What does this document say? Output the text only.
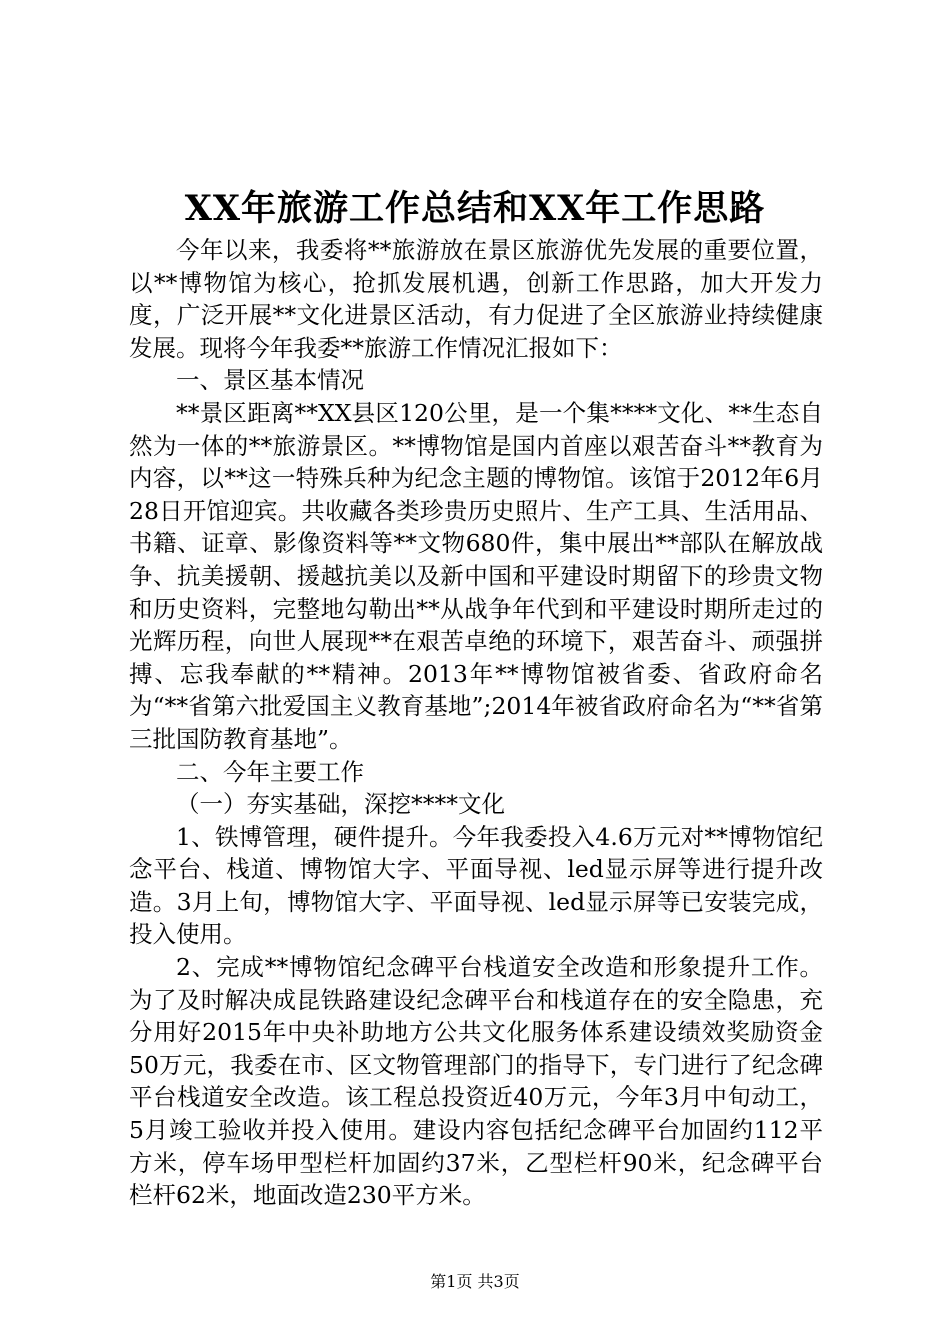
XX年旅游工作总结和XX年工作思路

今年以来，我委将**旅游放在景区旅游优先发展的重要位置，以**博物馆为核心，抢抓发展机遇，创新工作思路，加大开发力度，广泛开展**文化进景区活动，有力促进了全区旅游业持续健康发展。现将今年我委**旅游工作情况汇报如下：

一、景区基本情况

**景区距离**XX县区120公里，是一个集****文化、**生态自然为一体的**旅游景区。**博物馆是国内首座以艰苦奋斗**教育为内容，以**这一特殊兵种为纪念主题的博物馆。该馆于2012年6月28日开馆迎宾。共收藏各类珍贵历史照片、生产工具、生活用品、书籍、证章、影像资料等**文物680件，集中展出**部队在解放战争、抗美援朝、援越抗美以及新中国和平建设时期留下的珍贵文物和历史资料，完整地勾勒出**从战争年代到和平建设时期所走过的光辉历程，向世人展现**在艰苦卓绝的环境下，艰苦奋斗、顽强拼搏、忘我奉献的**精神。2013年**博物馆被省委、省政府命名为“**省第六批爱国主义教育基地”;2014年被省政府命名为“**省第三批国防教育基地”。

二、今年主要工作

（一）夯实基础，深挖****文化

1、铁博管理，硬件提升。今年我委投入4.6万元对**博物馆纪念平台、栈道、博物馆大字、平面导视、led显示屏等进行提升改造。3月上旬，博物馆大字、平面导视、led显示屏等已安装完成，投入使用。

2、完成**博物馆纪念碑平台栈道安全改造和形象提升工作。为了及时解决成昆铁路建设纪念碑平台和栈道存在的安全隐患，充分用好2015年中央补助地方公共文化服务体系建设绩效奖励资金50万元，我委在市、区文物管理部门的指导下，专门进行了纪念碑平台栈道安全改造。该工程总投资近40万元，今年3月中旬动工，5月竣工验收并投入使用。建设内容包括纪念碑平台加固约112平方米，停车场甲型栏杆加固约37米，乙型栏杆90米，纪念碑平台栏杆62米，地面改造230平方米。

第1页 共3页
